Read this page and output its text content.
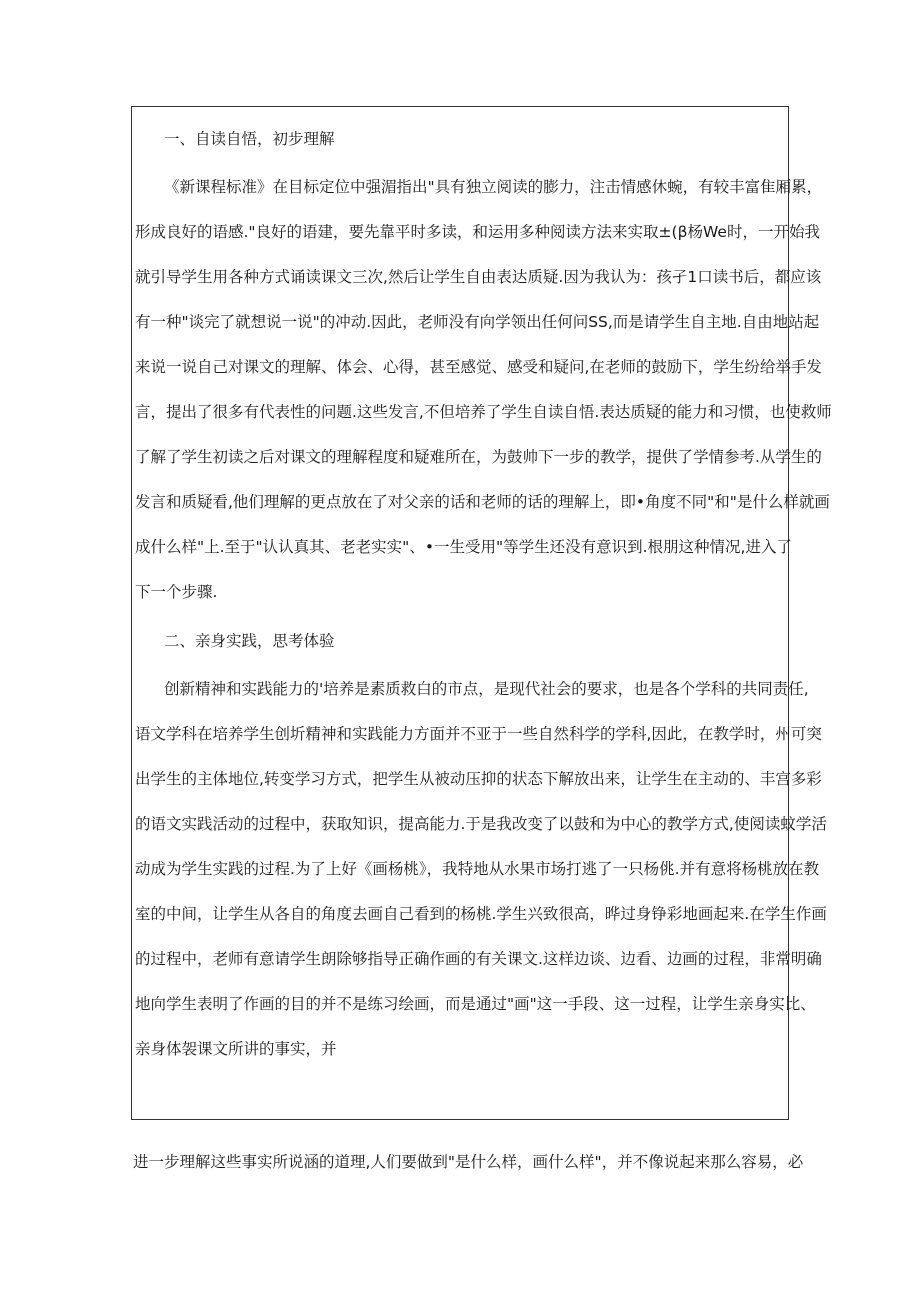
一、自读自悟，初步理解
《新课程标准》在目标定位中强湄指出"具有独立阅读的膨力，注击情感休蜿，有较丰富隹厢累，
形成良好的语感."良好的语建，要先靠平时多读，和运用多种阅读方法来实取±(β杨We时，一开始我
就引导学生用各种方式诵读课文三次,然后让学生自由表达质疑.因为我认为：孩孑1口读书后，都应该
有一种"谈完了就想说一说"的冲动.因此，老师没有向学领出任何问SS,而是请学生自主地.自由地站起
来说一说自己对课文的理解、体会、心得，甚至感觉、感受和疑问,在老师的鼓励下，学生纷给举手发
言，提出了很多有代表性的问题.这些发言,不但培养了学生自读自悟.表达质疑的能力和习惯，也使救师
了解了学生初读之后对课文的理解程度和疑难所在，为鼓帅下一步的教学，提供了学情参考.从学生的
发言和质疑看,他们理解的更点放在了对父亲的话和老师的话的理解上，即•角度不同"和"是什么样就画
成什么样"上.至于"认认真其、老老实实"、•一生受用"等学生还没有意识到.根朋这种情况,进入了
下一个步骤.
二、亲身实践，思考体验
创新精神和实践能力的'培养是素质救白的市点，是现代社会的要求，也是各个学科的共同责任,
语文学科在培养学生创圻精神和实践能力方面并不亚于一些自然科学的学科,因此，在教学时，州可突
出学生的主体地位,转变学习方式，把学生从被动压抑的状态下解放出来，让学生在主动的、丰宫多彩
的语文实践活动的过程中，获取知识，提高能力.于是我改变了以鼓和为中心的教学方式,使阅读蚊学活
动成为学生实践的过程.为了上好《画杨桃》，我特地从水果市场打逃了一只杨佻.并有意将杨桃放在教
室的中间，让学生从各自的角度去画自己看到的杨桃.学生兴致很高，晔过身铮彩地画起来.在学生作画
的过程中，老师有意请学生朗除够指导正确作画的有关课文.这样边谈、边看、边画的过程，非常明确
地向学生表明了作画的目的并不是练习绘画，而是通过"画"这一手段、这一过程，让学生亲身实比、
亲身体袈课文所讲的事实，并
进一步理解这些事实所说涵的道理,人们要做到"是什么样，画什么样"，并不像说起来那么容易，必
